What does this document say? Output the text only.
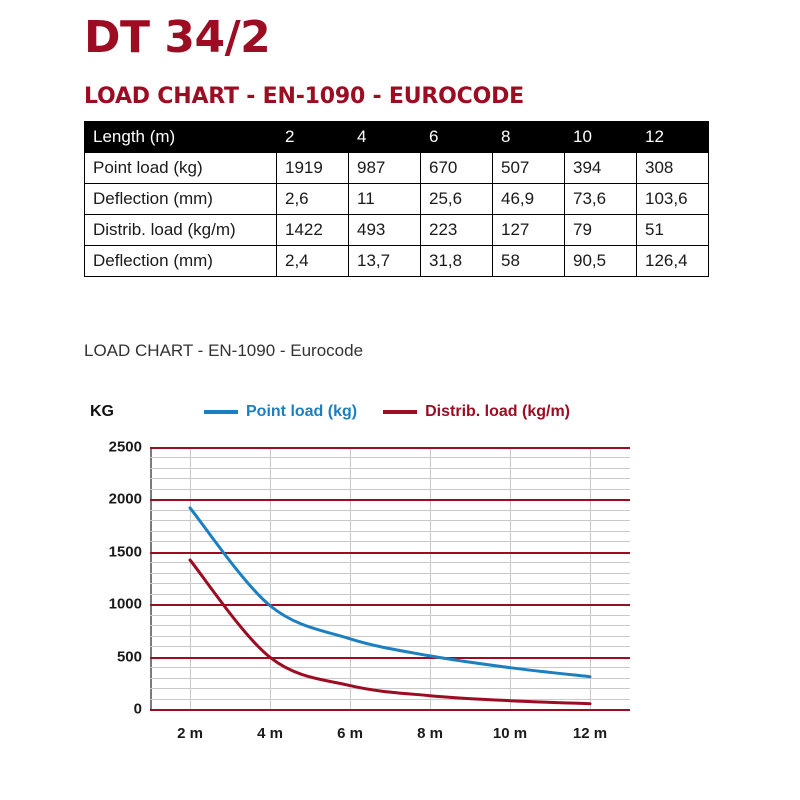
DT 34/2
LOAD CHART - EN-1090 - EUROCODE
Length (m)	2	4	6	8	10	12
Point load (kg)	1919	987	670	507	394	308
Deflection (mm)	2,6	11	25,6	46,9	73,6	103,6
Distrib. load (kg/m)	1422	493	223	127	79	51
Deflection (mm)	2,4	13,7	31,8	58	90,5	126,4
LOAD CHART - EN-1090 - Eurocode
KG	Point load (kg)	Distrib. load (kg/m)
0
500
1000
1500
2000
2500
2 m	4 m	6 m	8 m	10 m	12 m
